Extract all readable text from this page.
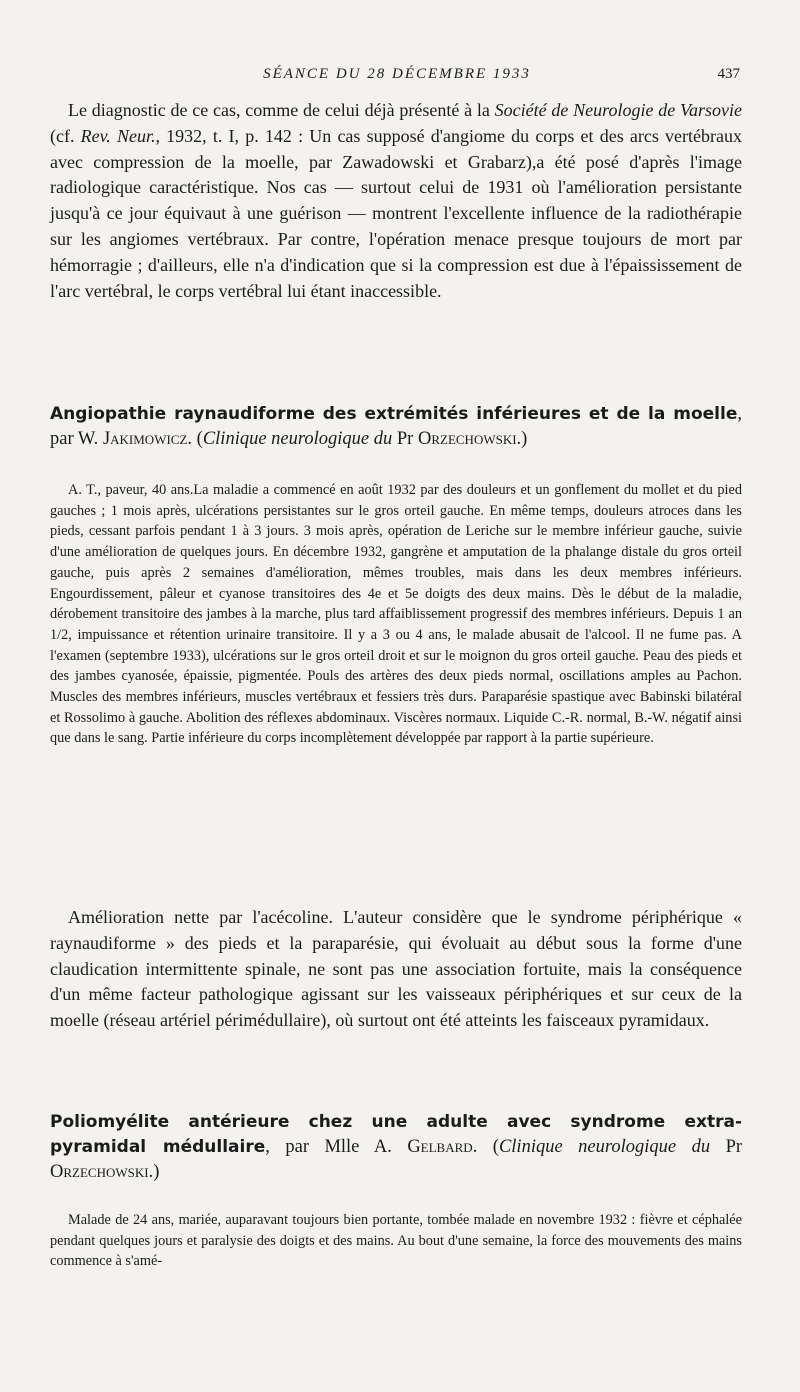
SÉANCE DU 28 DÉCEMBRE 1933	437

Le diagnostic de ce cas, comme de celui déjà présenté à la Société de Neurologie de Varsovie (cf. Rev. Neur., 1932, t. I, p. 142 : Un cas supposé d'angiome du corps et des arcs vertébraux avec compression de la moelle, par Zawadowski et Grabarz),a été posé d'après l'image radiologique caractéristique. Nos cas — surtout celui de 1931 où l'amélioration persistante jusqu'à ce jour équivaut à une guérison — montrent l'excellente influence de la radiothérapie sur les angiomes vertébraux. Par contre, l'opération menace presque toujours de mort par hémorragie ; d'ailleurs, elle n'a d'indication que si la compression est due à l'épaississement de l'arc vertébral, le corps vertébral lui étant inaccessible.

Angiopathie raynaudiforme des extrémités inférieures et de la moelle, par W. Jakimowicz. (Clinique neurologique du Pr Orzechowski.)

A. T., paveur, 40 ans.La maladie a commencé en août 1932 par des douleurs et un gonflement du mollet et du pied gauches ; 1 mois après, ulcérations persistantes sur le gros orteil gauche. En même temps, douleurs atroces dans les pieds, cessant parfois pendant 1 à 3 jours. 3 mois après, opération de Leriche sur le membre inférieur gauche, suivie d'une amélioration de quelques jours. En décembre 1932, gangrène et amputation de la phalange distale du gros orteil gauche, puis après 2 semaines d'amélioration, mêmes troubles, mais dans les deux membres inférieurs. Engourdissement, pâleur et cyanose transitoires des 4e et 5e doigts des deux mains. Dès le début de la maladie, dérobement transitoire des jambes à la marche, plus tard affaiblissement progressif des membres inférieurs. Depuis 1 an 1/2, impuissance et rétention urinaire transitoire. Il y a 3 ou 4 ans, le malade abusait de l'alcool. Il ne fume pas. A l'examen (septembre 1933), ulcérations sur le gros orteil droit et sur le moignon du gros orteil gauche. Peau des pieds et des jambes cyanosée, épaissie, pigmentée. Pouls des artères des deux pieds normal, oscillations amples au Pachon. Muscles des membres inférieurs, muscles vertébraux et fessiers très durs. Paraparésie spastique avec Babinski bilatéral et Rossolimo à gauche. Abolition des réflexes abdominaux. Viscères normaux. Liquide C.-R. normal, B.-W. négatif ainsi que dans le sang. Partie inférieure du corps incomplètement développée par rapport à la partie supérieure.

Amélioration nette par l'acécoline. L'auteur considère que le syndrome périphérique « raynaudiforme » des pieds et la paraparésie, qui évoluait au début sous la forme d'une claudication intermittente spinale, ne sont pas une association fortuite, mais la conséquence d'un même facteur pathologique agissant sur les vaisseaux périphériques et sur ceux de la moelle (réseau artériel périmédullaire), où surtout ont été atteints les faisceaux pyramidaux.

Poliomyélite antérieure chez une adulte avec syndrome extra-pyramidal médullaire, par Mlle A. Gelbard. (Clinique neurologique du Pr Orzechowski.)

Malade de 24 ans, mariée, auparavant toujours bien portante, tombée malade en novembre 1932 : fièvre et céphalée pendant quelques jours et paralysie des doigts et des mains. Au bout d'une semaine, la force des mouvements des mains commence à s'amé-
